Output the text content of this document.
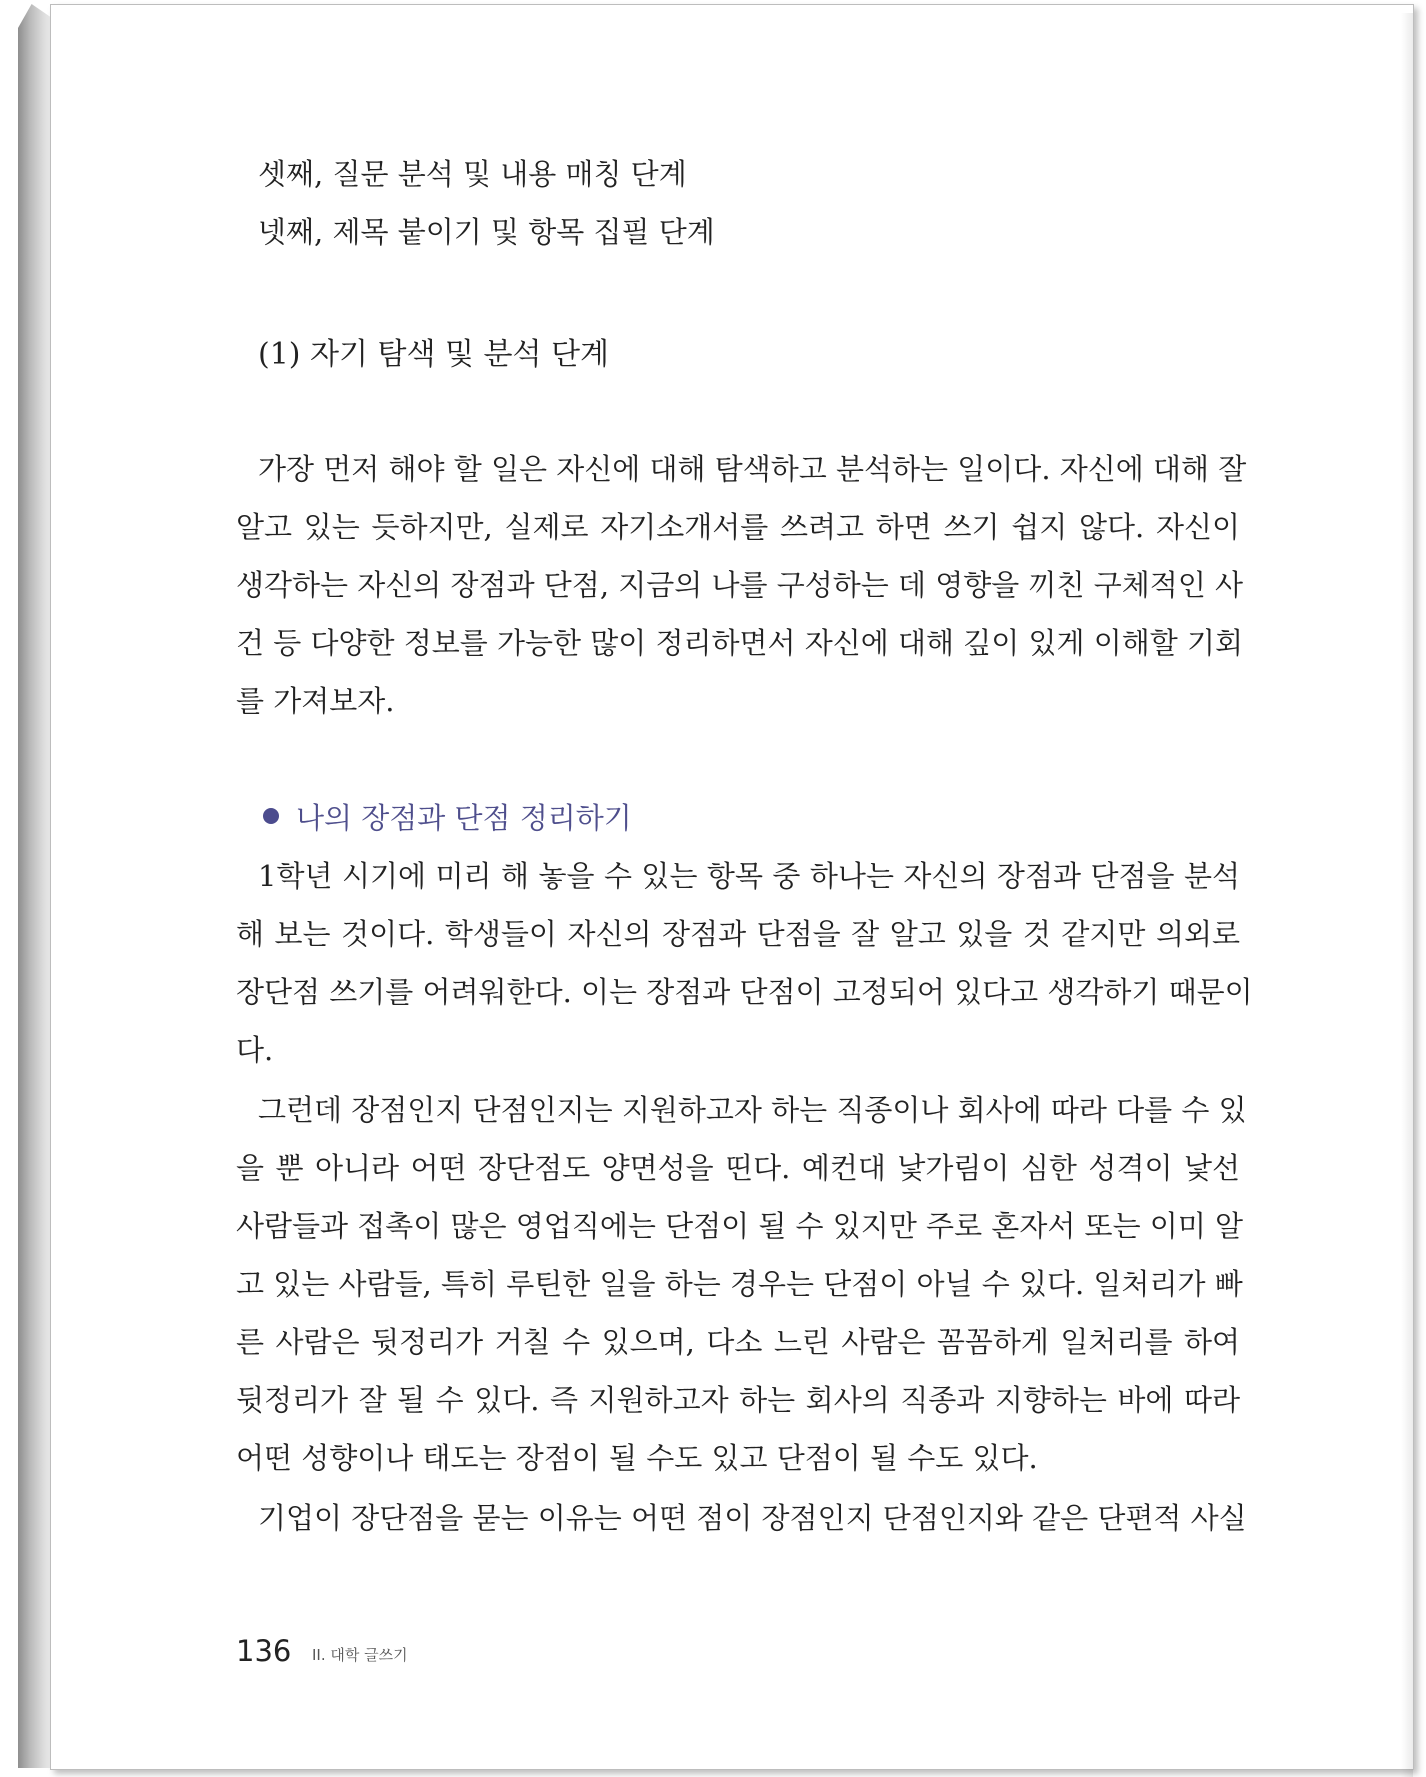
셋째, 질문 분석 및 내용 매칭 단계
넷째, 제목 붙이기 및 항목 집필 단계
(1) 자기 탐색 및 분석 단계
가장 먼저 해야 할 일은 자신에 대해 탐색하고 분석하는 일이다. 자신에 대해 잘
알고 있는 듯하지만, 실제로 자기소개서를 쓰려고 하면 쓰기 쉽지 않다. 자신이
생각하는 자신의 장점과 단점, 지금의 나를 구성하는 데 영향을 끼친 구체적인 사
건 등 다양한 정보를 가능한 많이 정리하면서 자신에 대해 깊이 있게 이해할 기회
를 가져보자.
나의 장점과 단점 정리하기
1학년 시기에 미리 해 놓을 수 있는 항목 중 하나는 자신의 장점과 단점을 분석
해 보는 것이다. 학생들이 자신의 장점과 단점을 잘 알고 있을 것 같지만 의외로
장단점 쓰기를 어려워한다. 이는 장점과 단점이 고정되어 있다고 생각하기 때문이
다.
그런데 장점인지 단점인지는 지원하고자 하는 직종이나 회사에 따라 다를 수 있
을 뿐 아니라 어떤 장단점도 양면성을 띤다. 예컨대 낯가림이 심한 성격이 낯선
사람들과 접촉이 많은 영업직에는 단점이 될 수 있지만 주로 혼자서 또는 이미 알
고 있는 사람들, 특히 루틴한 일을 하는 경우는 단점이 아닐 수 있다. 일처리가 빠
른 사람은 뒷정리가 거칠 수 있으며, 다소 느린 사람은 꼼꼼하게 일처리를 하여
뒷정리가 잘 될 수 있다. 즉 지원하고자 하는 회사의 직종과 지향하는 바에 따라
어떤 성향이나 태도는 장점이 될 수도 있고 단점이 될 수도 있다.
기업이 장단점을 묻는 이유는 어떤 점이 장점인지 단점인지와 같은 단편적 사실
136 II. 대학 글쓰기
